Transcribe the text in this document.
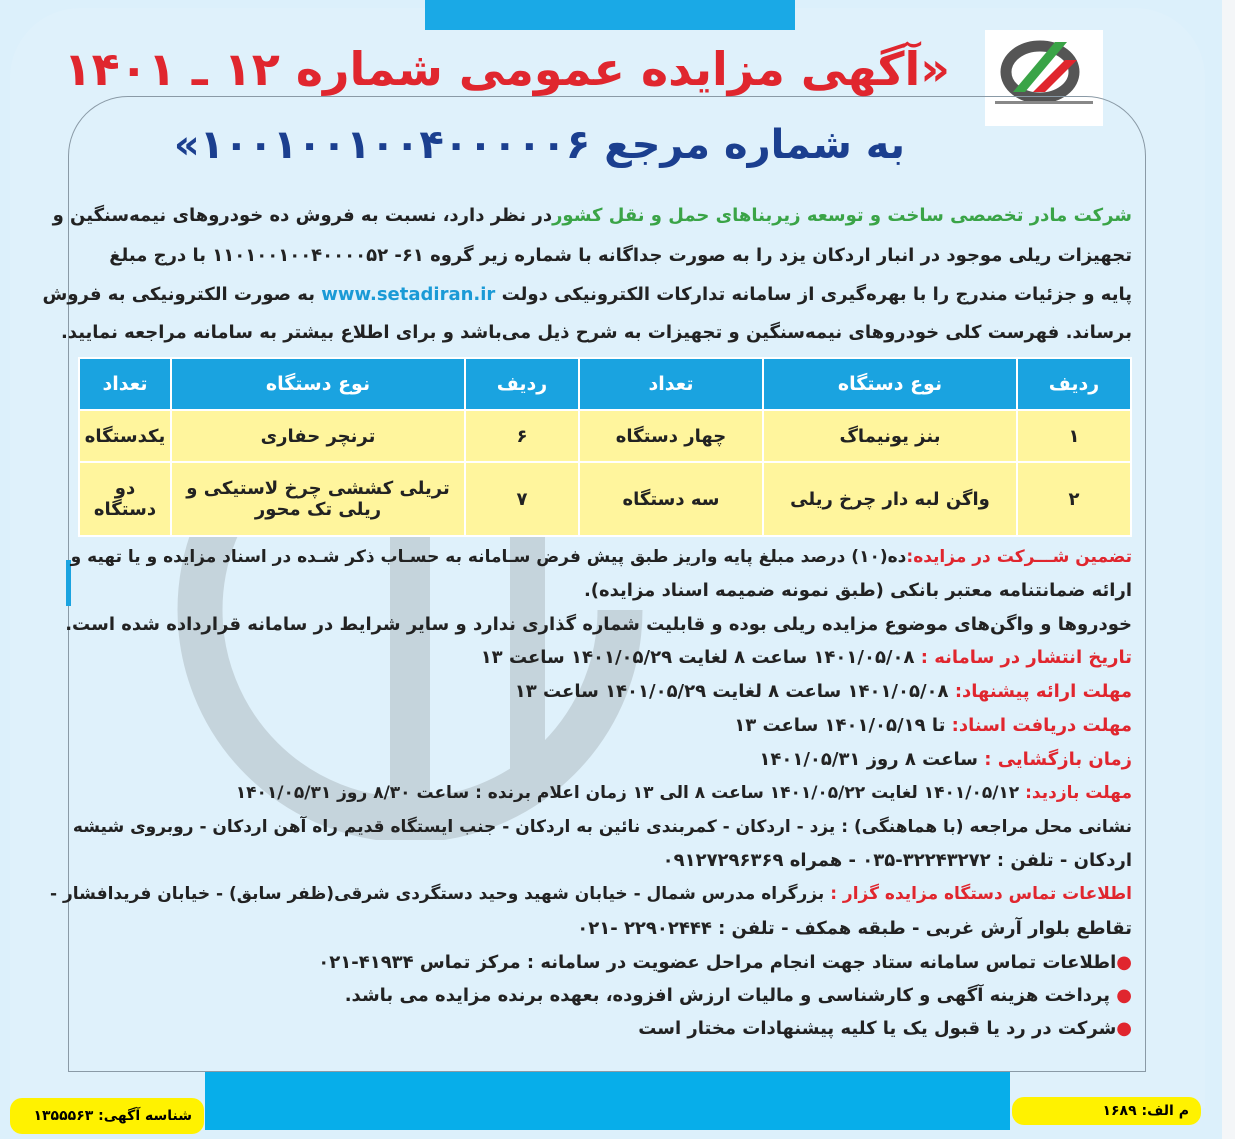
«آگهی مزایده عمومی شماره ۱۲ ـ ۱۴۰۱
به شماره مرجع ۱۰۰۱۰۰۱۰۰۴۰۰۰۰۰۶»
شرکت مادر تخصصی ساخت و توسعه زیربناهای حمل و نقل کشوردر نظر دارد، نسبت به فروش ده خودروهای نیمه‌سنگین و
تجهیزات ریلی موجود در انبار اردکان یزد را به صورت جداگانه با شماره زیر گروه ۶۱- ۱۱۰۱۰۰۱۰۰۴۰۰۰۰۵۲ با درج مبلغ
پایه و جزئیات مندرج را با بهره‌گیری از سامانه تدارکات الکترونیکی دولت www.setadiran.ir به صورت الکترونیکی به فروش
برساند. فهرست کلی خودروهای نیمه‌سنگین و تجهیزات به شرح ذیل می‌باشد و برای اطلاع بیشتر به سامانه مراجعه نمایید.
ردیف	نوع دستگاه	تعداد	ردیف	نوع دستگاه	تعداد
۱	بنز یونیماگ	چهار دستگاه	۶	ترنچر حفاری	یکدستگاه
۲	واگن لبه دار چرخ ریلی	سه دستگاه	۷	تریلی کششی چرخ لاستیکی و ریلی تک محور	دو دستگاه
تضمین شـــرکت در مزایده:ده(۱۰) درصد مبلغ پایه واریز طبق پیش فرض سـامانه به حسـاب ذکر شـده در اسناد مزایده و یا تهیه و
ارائه ضمانتنامه معتبر بانکی (طبق نمونه ضمیمه اسناد مزایده).
خودروها و واگن‌های موضوع مزایده ریلی بوده و قابلیت شماره گذاری ندارد و سایر شرایط در سامانه قرارداده شده است.
تاریخ انتشار در سامانه : ۱۴۰۱/۰۵/۰۸ ساعت ۸ لغایت ۱۴۰۱/۰۵/۲۹ ساعت ۱۳
مهلت ارائه پیشنهاد: ۱۴۰۱/۰۵/۰۸ ساعت ۸ لغایت ۱۴۰۱/۰۵/۲۹ ساعت ۱۳
مهلت دریافت اسناد: تا ۱۴۰۱/۰۵/۱۹ ساعت ۱۳
زمان بازگشایی : ساعت ۸ روز ۱۴۰۱/۰۵/۳۱
مهلت بازدید: ۱۴۰۱/۰۵/۱۲ لغایت ۱۴۰۱/۰۵/۲۲ ساعت ۸ الی ۱۳ زمان اعلام برنده : ساعت ۸/۳۰ روز ۱۴۰۱/۰۵/۳۱
نشانی محل مراجعه (با هماهنگی) : یزد - اردکان - کمربندی نائین به اردکان - جنب ایستگاه قدیم راه آهن اردکان - روبروی شیشه
اردکان - تلفن : ۳۲۲۴۳۲۷۲-۰۳۵ - همراه ۰۹۱۲۷۲۹۶۳۶۹
اطلاعات تماس دستگاه مزایده گزار : بزرگراه مدرس شمال - خیابان شهید وحید دستگردی شرقی(ظفر سابق) - خیابان فریدافشار -
تقاطع بلوار آرش غربی - طبقه همکف - تلفن : ۲۲۹۰۲۴۴۴ -۰۲۱
●اطلاعات تماس سامانه ستاد جهت انجام مراحل عضویت در سامانه : مرکز تماس ۴۱۹۳۴-۰۲۱
● پرداخت هزینه آگهی و کارشناسی و مالیات ارزش افزوده، بعهده برنده مزایده می باشد.
●شرکت در رد یا قبول یک یا کلیه پیشنهادات مختار است
شناسه آگهی: ۱۳۵۵۵۶۳	م الف: ۱۶۸۹
